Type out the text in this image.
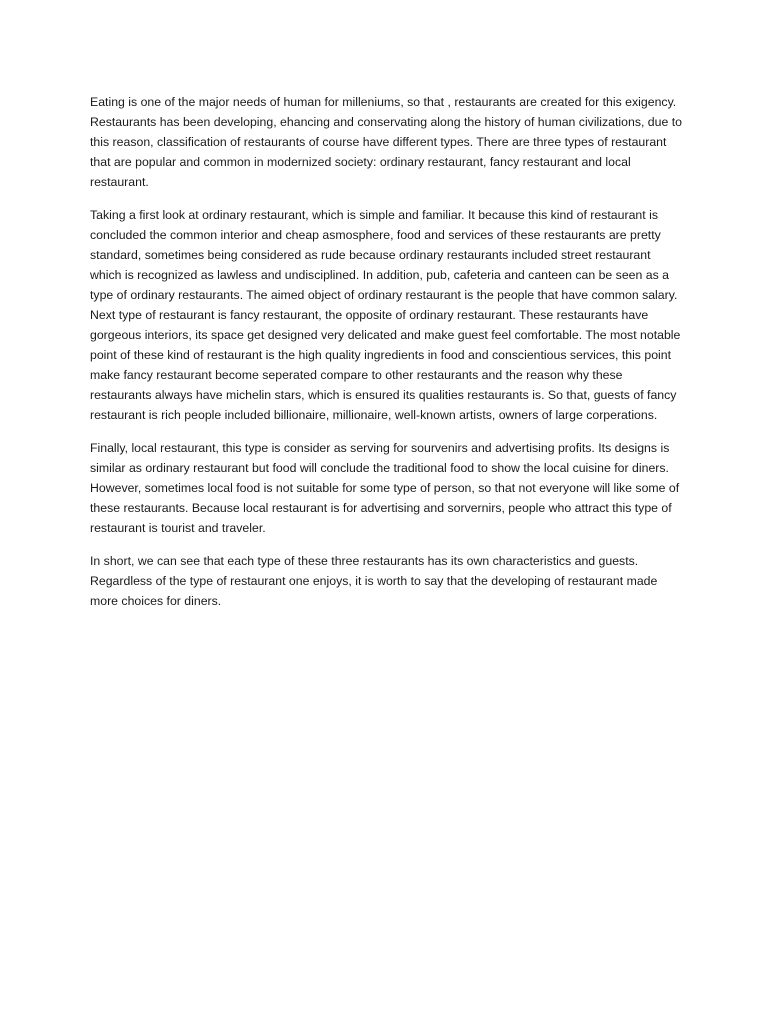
Eating is one of the major needs of human for milleniums, so that , restaurants are created for this exigency. Restaurants has been developing, ehancing and conservating along the history of human civilizations, due to this reason, classification of restaurants of course have different types. There are three types of restaurant that are popular and common in modernized society: ordinary restaurant, fancy restaurant and local restaurant.

Taking a first look at ordinary restaurant, which is simple and familiar. It because this kind of restaurant is concluded the common interior and cheap asmosphere, food and services of these restaurants are pretty standard, sometimes being considered as rude because ordinary restaurants included street restaurant which is recognized as lawless and undisciplined. In addition, pub, cafeteria and canteen can be seen as a type of ordinary restaurants. The aimed object of ordinary restaurant is the people that have common salary.

Next type of restaurant is fancy restaurant, the opposite of ordinary restaurant. These restaurants have gorgeous interiors, its space get designed very delicated and make guest feel comfortable. The most notable point of these kind of restaurant is the high quality ingredients in food and conscientious services, this point make fancy restaurant become seperated compare to other restaurants and the reason why these restaurants always have michelin stars, which is ensured its qualities restaurants is. So that, guests of fancy restaurant is rich people included billionaire, millionaire, well-known artists, owners of large corperations.

Finally, local restaurant, this type is consider as serving for sourvenirs and advertising profits. Its designs is similar as ordinary restaurant but food will conclude the traditional food to show the local cuisine for diners. However, sometimes local food is not suitable for some type of person, so that not everyone will like some of these restaurants. Because local restaurant is for advertising and sorvernirs, people who attract this type of restaurant is tourist and traveler.

In short, we can see that each type of these three restaurants has its own characteristics and guests. Regardless of the type of restaurant one enjoys, it is worth to say that the developing of restaurant made more choices for diners.
